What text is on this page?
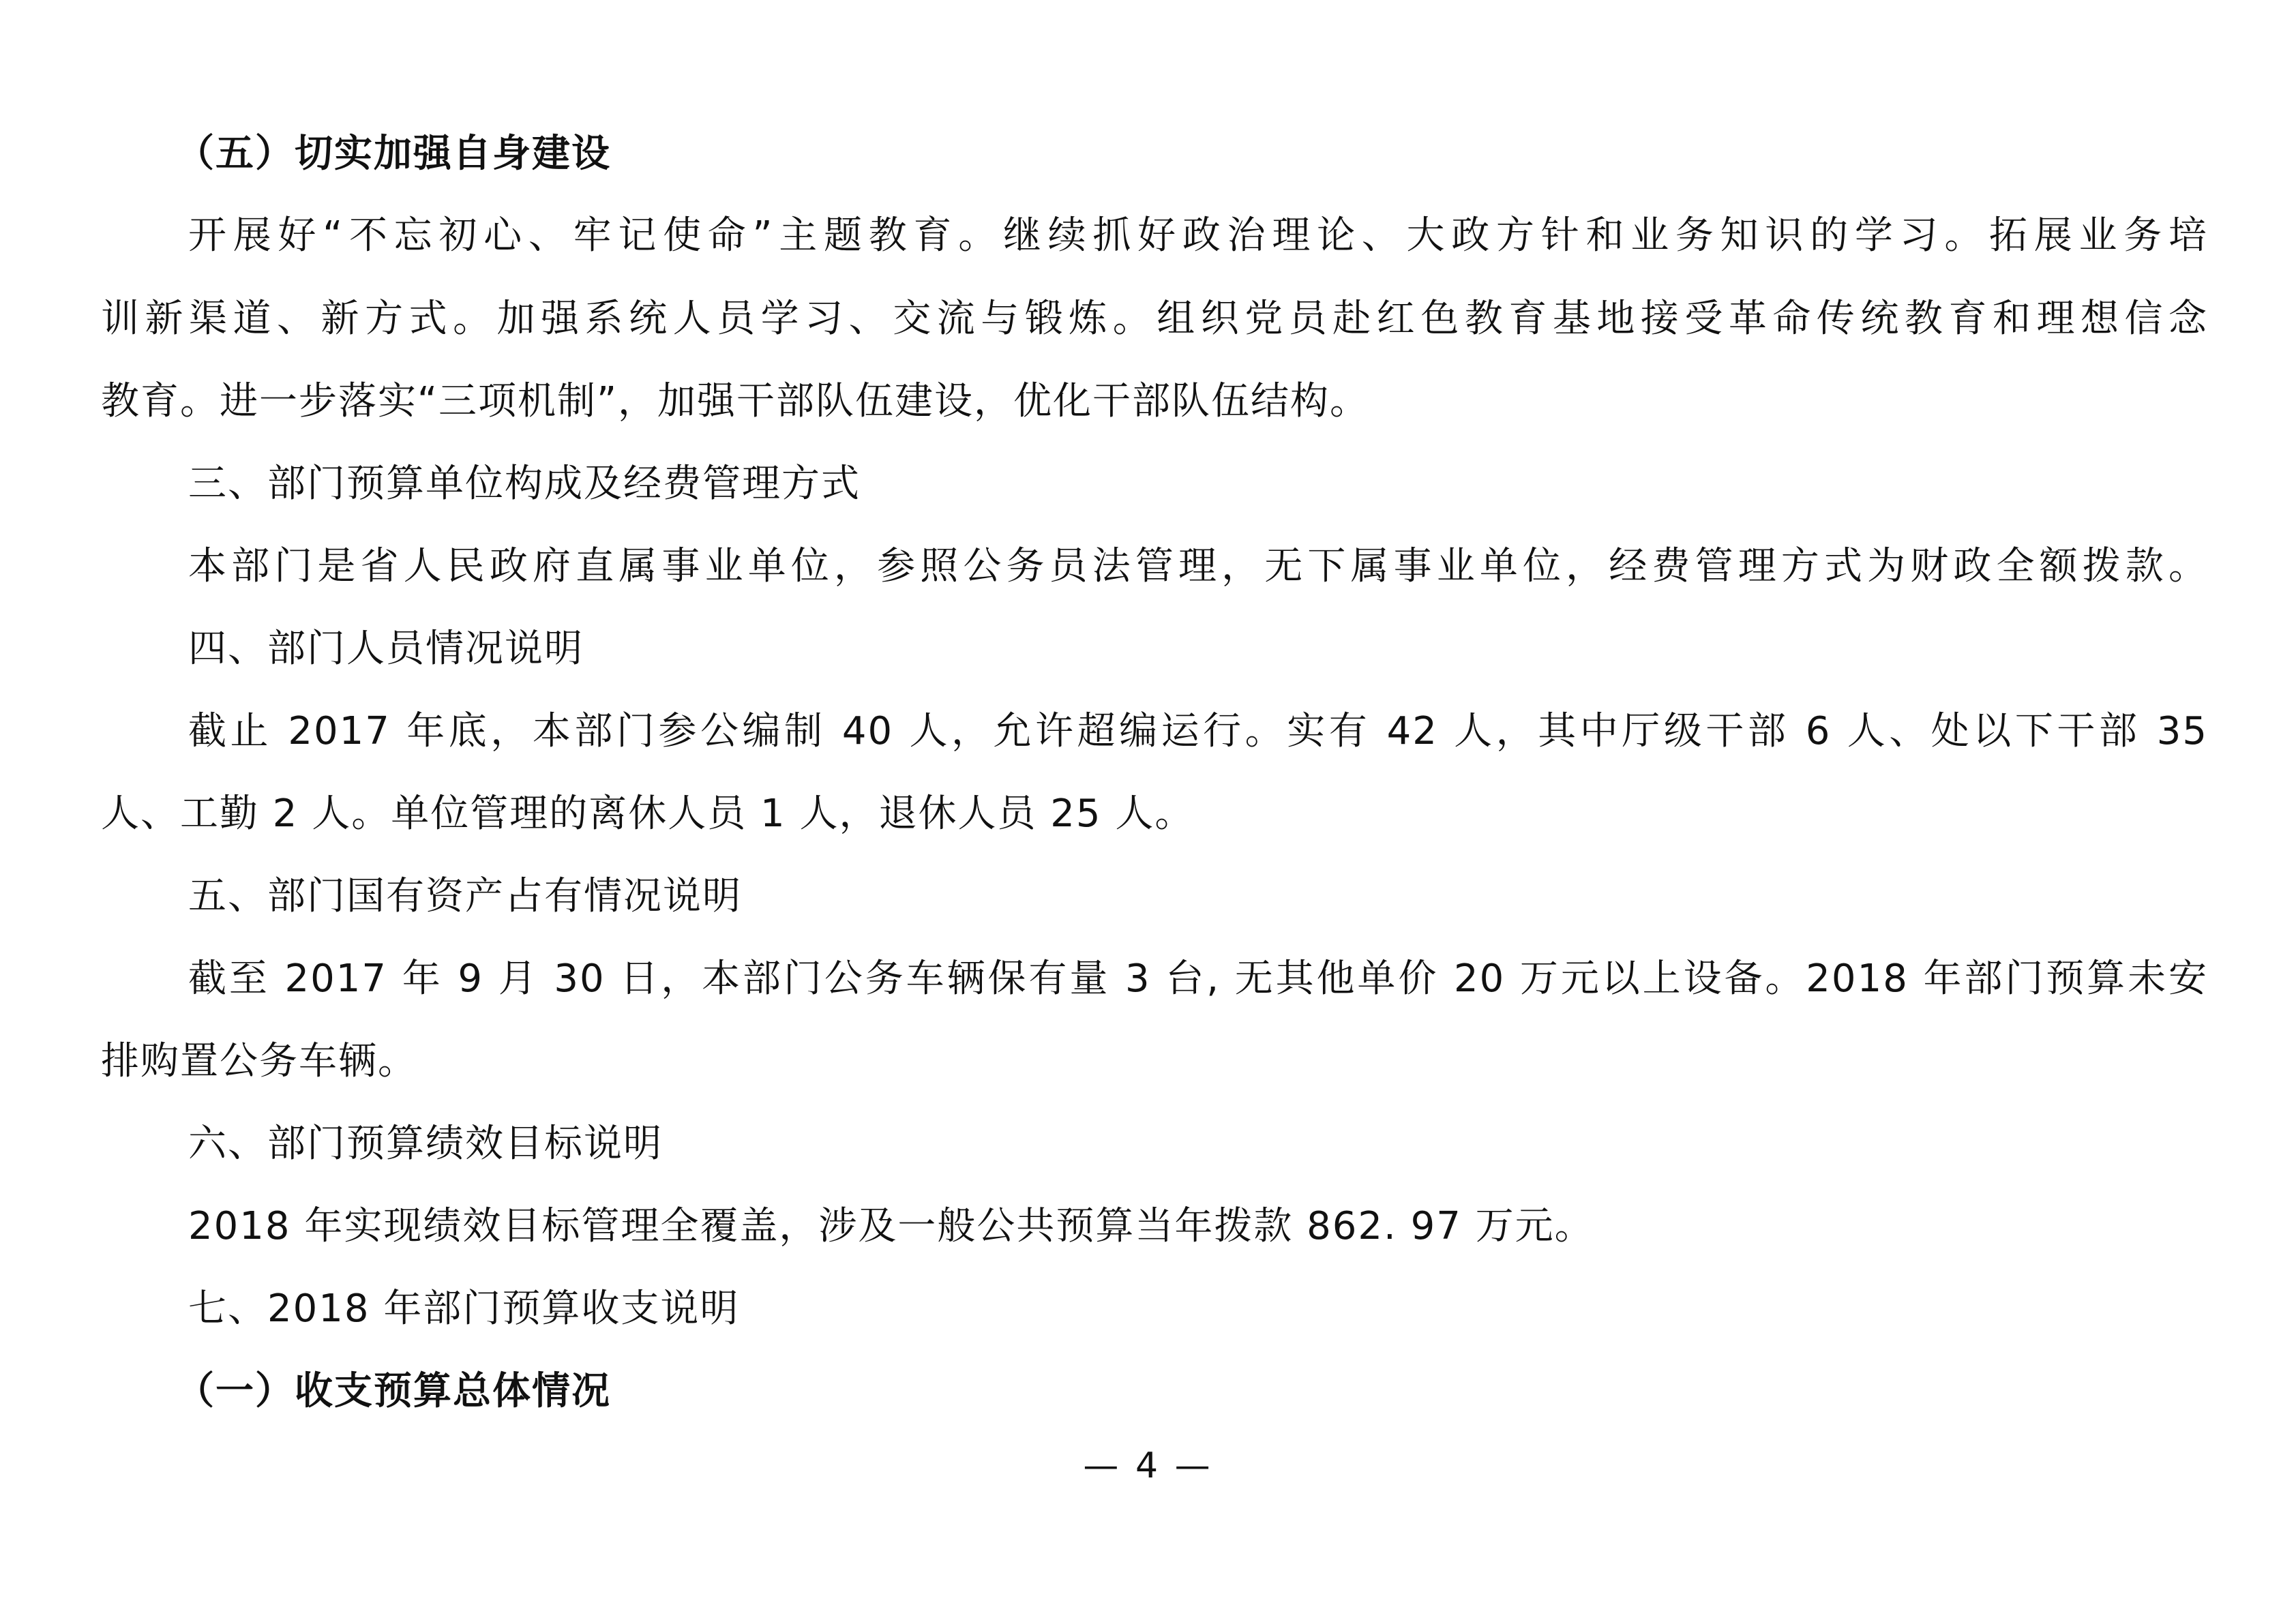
（五）切实加强自身建设
开展好“不忘初心、牢记使命”主题教育。继续抓好政治理论、大政方针和业务知识的学习。拓展业务培
训新渠道、新方式。加强系统人员学习、交流与锻炼。组织党员赴红色教育基地接受革命传统教育和理想信念
教育。进一步落实“三项机制”，加强干部队伍建设，优化干部队伍结构。
三、部门预算单位构成及经费管理方式
本部门是省人民政府直属事业单位，参照公务员法管理，无下属事业单位，经费管理方式为财政全额拨款。
四、部门人员情况说明
截止 2017 年底，本部门参公编制 40 人，允许超编运行。实有 42 人，其中厅级干部 6 人、处以下干部 35
人、工勤 2 人。单位管理的离休人员 1 人，退休人员 25 人。
五、部门国有资产占有情况说明
截至 2017 年 9 月 30 日，本部门公务车辆保有量 3 台, 无其他单价 20 万元以上设备。2018 年部门预算未安
排购置公务车辆。
六、部门预算绩效目标说明
2018 年实现绩效目标管理全覆盖，涉及一般公共预算当年拨款 862. 97 万元。
七、2018 年部门预算收支说明
（一）收支预算总体情况
— 4 —
